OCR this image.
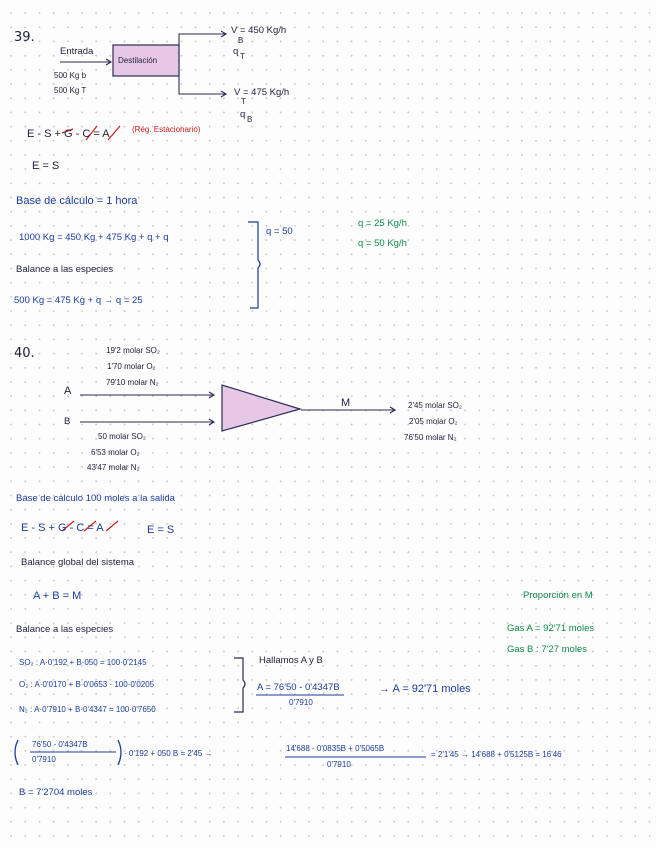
39.
Entrada
500 Kg b
500 Kg T
Destilación
V = 450 Kg/h
B
q T
V = 475 Kg/h
T
q B
E - S + G - C = A	(Rég. Estacionario)
E = S
Base de cálculo = 1 hora
1000 Kg = 450 Kg + 475 Kg + q + q
q = 50
q = 25 Kg/h
q = 50 Kg/h
Balance a las especies
500 Kg = 475 Kg + q → q = 25
40.	19'2 molar SO₂
1'70 molar O₂
79'10 molar N₂
A
B
50 molar SO₂
6'53 molar O₂
43'47 molar N₂
M	2'45 molar SO₂
2'05 molar O₂
76'50 molar N₂
Base de cálculo 100 moles a la salida
E - S + G - C = A	E = S
Balance global del sistema
A + B = M
Balance a las especies
SO₂ : A·0'192 + B·050 = 100·0'2145
O₂ : A·0'0170 + B·0'0653 · 100·0'0205
N₂ : A·0'7910 + B·0'4347 = 100·0'7650
Hallamos A y B
A = 76'50 - 0'4347B
0'7910
→ A = 92'71 moles
76'50 - 0'4347B
0'7910
· 0'192 + 050 B = 2'45 →
14'688 - 0'0835B + 0'5065B
0'7910
= 2'1'45 → 14'688 + 0'5125B = 16'46
B = 7'2704 moles
Proporción en M
Gas A = 92'71 moles
Gas B : 7'27 moles
